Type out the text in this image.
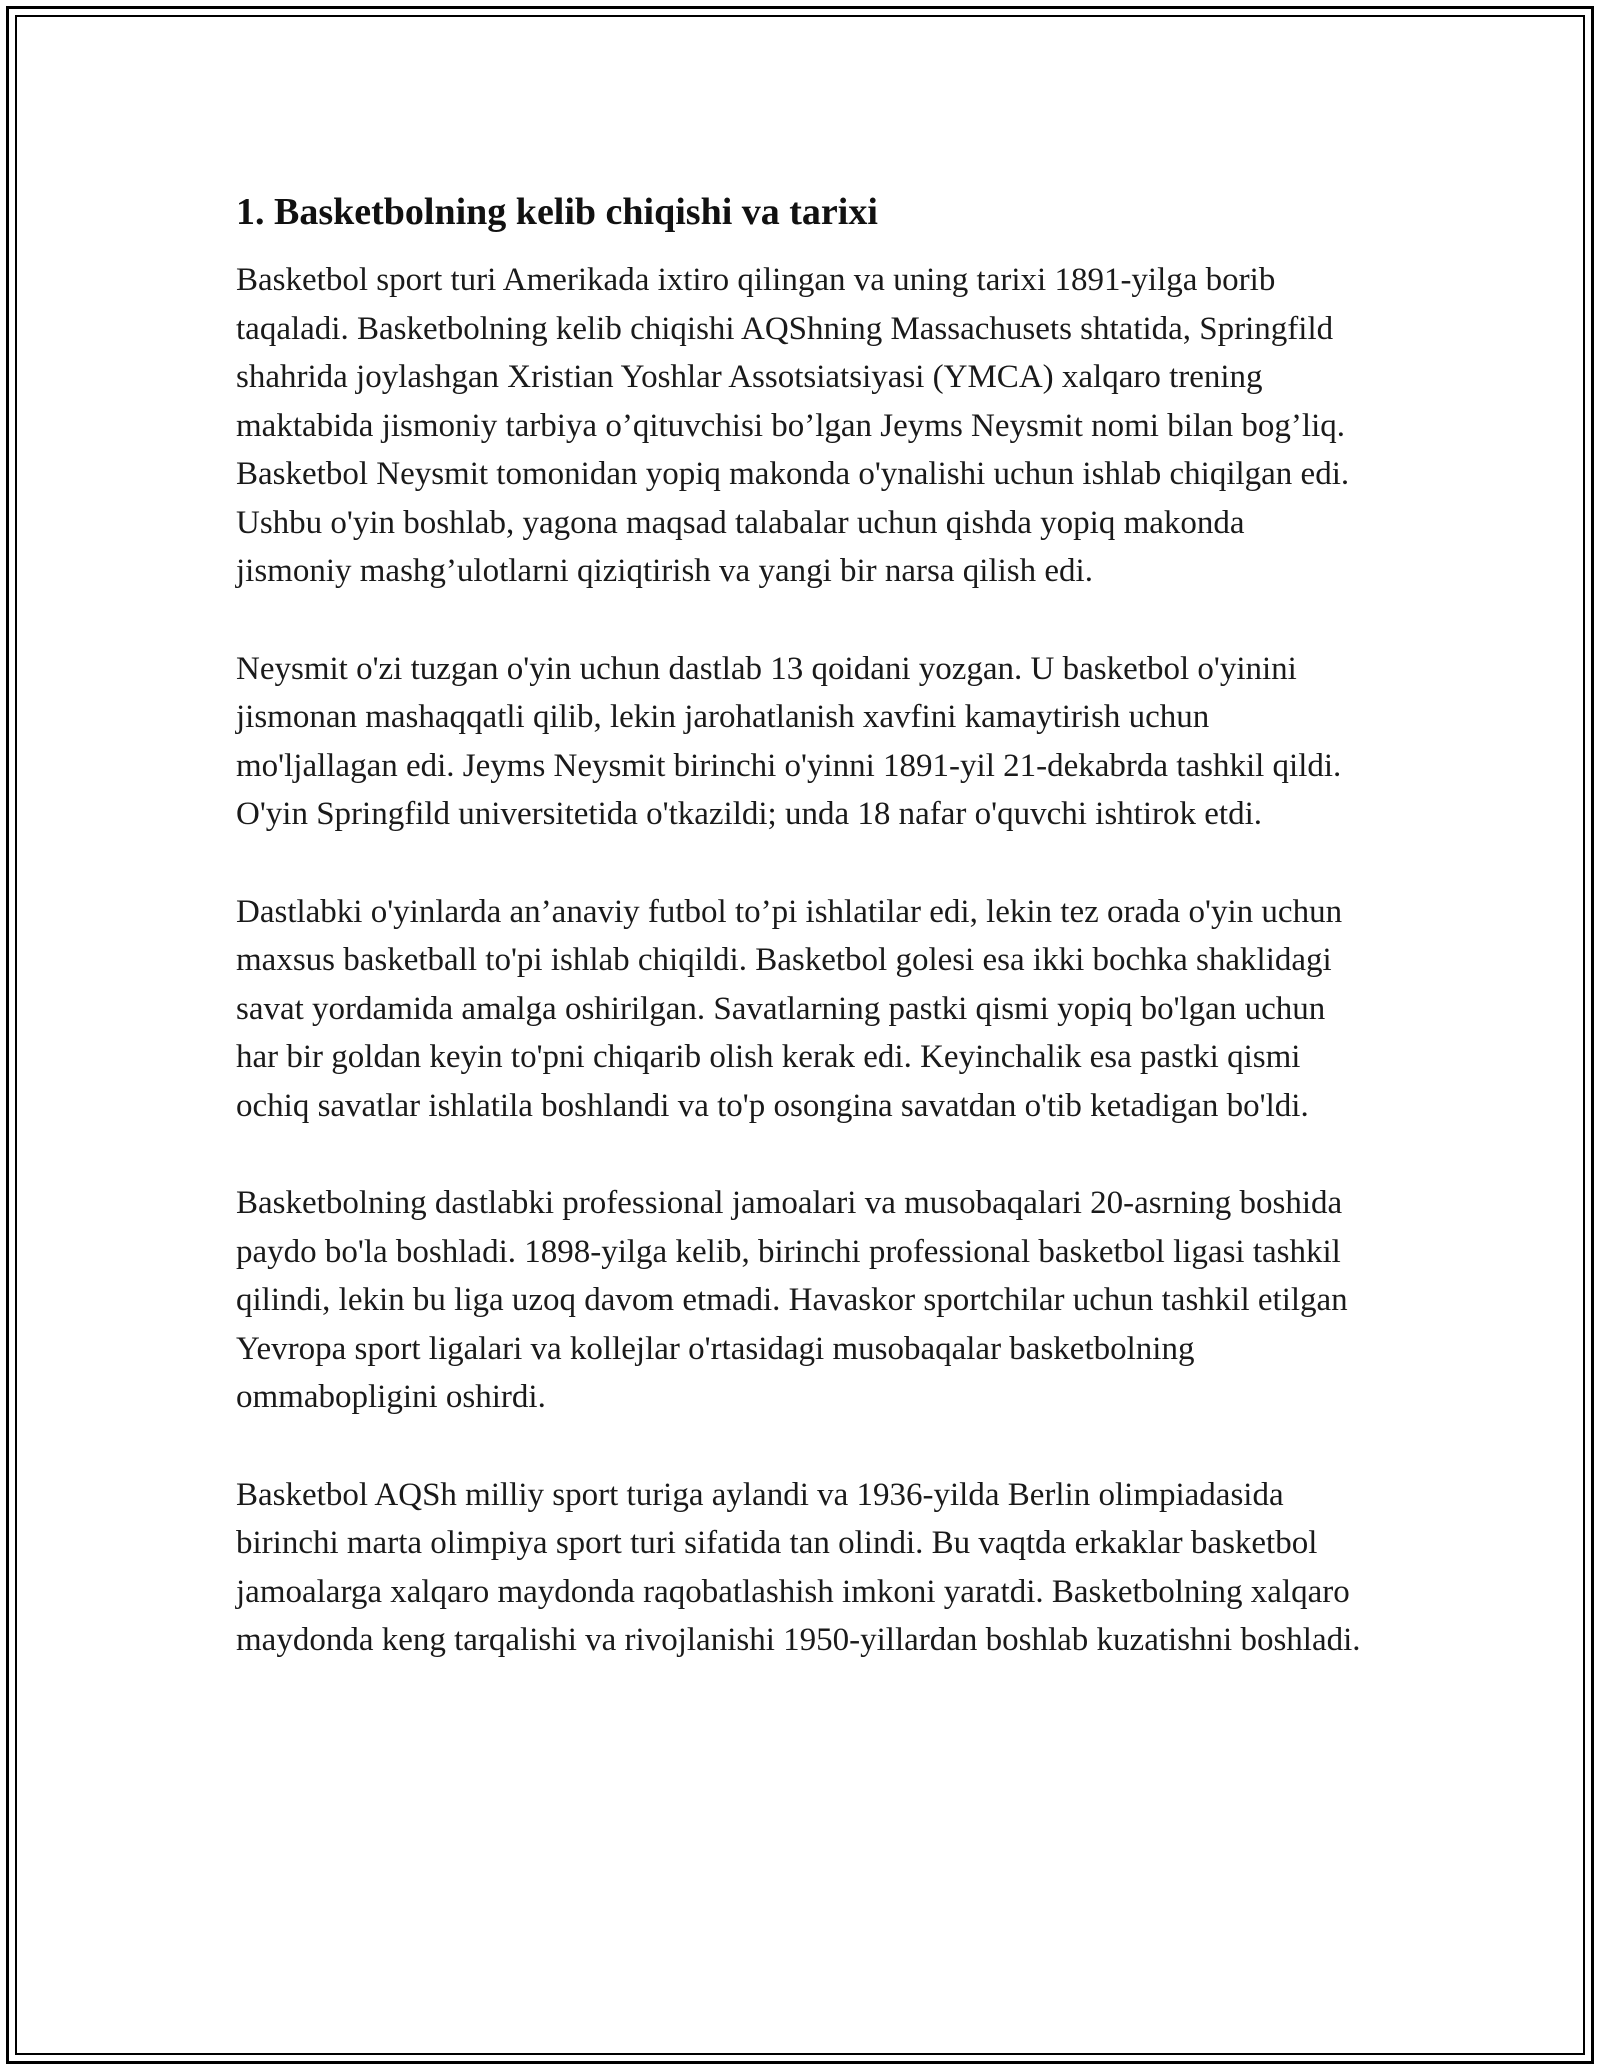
1. Basketbolning kelib chiqishi va tarixi

Basketbol sport turi Amerikada ixtiro qilingan va uning tarixi 1891-yilga borib taqaladi. Basketbolning kelib chiqishi AQShning Massachusets shtatida, Springfild shahrida joylashgan Xristian Yoshlar Assotsiatsiyasi (YMCA) xalqaro trening maktabida jismoniy tarbiya o’qituvchisi bo’lgan Jeyms Neysmit nomi bilan bog’liq. Basketbol Neysmit tomonidan yopiq makonda o'ynalishi uchun ishlab chiqilgan edi. Ushbu o'yin boshlab, yagona maqsad talabalar uchun qishda yopiq makonda jismoniy mashg’ulotlarni qiziqtirish va yangi bir narsa qilish edi.

Neysmit o'zi tuzgan o'yin uchun dastlab 13 qoidani yozgan. U basketbol o'yinini jismonan mashaqqatli qilib, lekin jarohatlanish xavfini kamaytirish uchun mo'ljallagan edi. Jeyms Neysmit birinchi o'yinni 1891-yil 21-dekabrda tashkil qildi. O'yin Springfild universitetida o'tkazildi; unda 18 nafar o'quvchi ishtirok etdi.

Dastlabki o'yinlarda an’anaviy futbol to’pi ishlatilar edi, lekin tez orada o'yin uchun maxsus basketball to'pi ishlab chiqildi. Basketbol golesi esa ikki bochka shaklidagi savat yordamida amalga oshirilgan. Savatlarning pastki qismi yopiq bo'lgan uchun har bir goldan keyin to'pni chiqarib olish kerak edi. Keyinchalik esa pastki qismi ochiq savatlar ishlatila boshlandi va to'p osongina savatdan o'tib ketadigan bo'ldi.

Basketbolning dastlabki professional jamoalari va musobaqalari 20-asrning boshida paydo bo'la boshladi. 1898-yilga kelib, birinchi professional basketbol ligasi tashkil qilindi, lekin bu liga uzoq davom etmadi. Havaskor sportchilar uchun tashkil etilgan Yevropa sport ligalari va kollejlar o'rtasidagi musobaqalar basketbolning ommabopligini oshirdi.

Basketbol AQSh milliy sport turiga aylandi va 1936-yilda Berlin olimpiadasida birinchi marta olimpiya sport turi sifatida tan olindi. Bu vaqtda erkaklar basketbol jamoalarga xalqaro maydonda raqobatlashish imkoni yaratdi. Basketbolning xalqaro maydonda keng tarqalishi va rivojlanishi 1950-yillardan boshlab kuzatishni boshladi.
